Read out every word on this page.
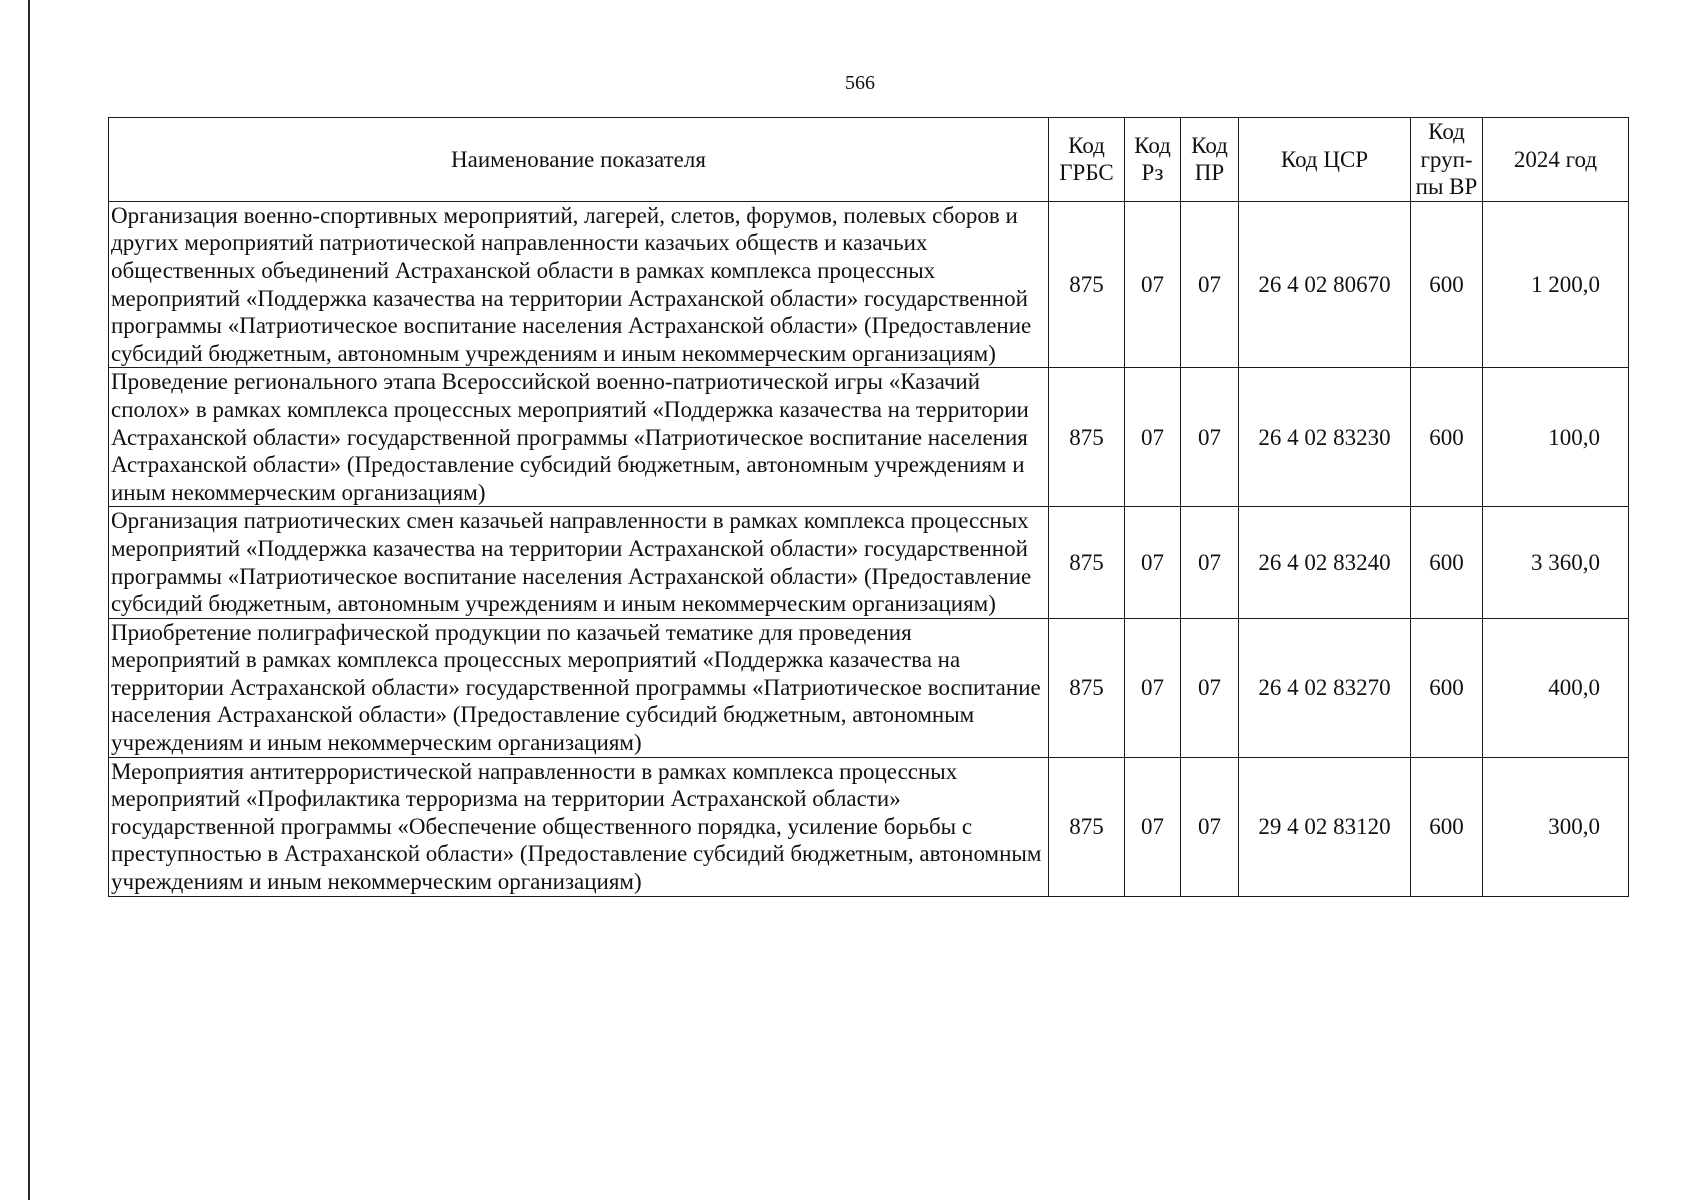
566
Наименование показателя	Код ГРБС	Код Рз	Код ПР	Код ЦСР	Код груп-пы ВР	2024 год
Организация военно-спортивных мероприятий, лагерей, слетов, форумов, полевых сборов и других мероприятий патриотической направленности казачьих обществ и казачьих общественных объединений Астраханской области в рамках комплекса процессных мероприятий «Поддержка казачества на территории Астраханской области» государственной программы «Патриотическое воспитание населения Астраханской области» (Предоставление субсидий бюджетным, автономным учреждениям и иным некоммерческим организациям)	875	07	07	26 4 02 80670	600	1 200,0
Проведение регионального этапа Всероссийской военно-патриотической игры «Казачий сполох» в рамках комплекса процессных мероприятий «Поддержка казачества на территории Астраханской области» государственной программы «Патриотическое воспитание населения Астраханской области» (Предоставление субсидий бюджетным, автономным учреждениям и иным некоммерческим организациям)	875	07	07	26 4 02 83230	600	100,0
Организация патриотических смен казачьей направленности в рамках комплекса процессных мероприятий «Поддержка казачества на территории Астраханской области» государственной программы «Патриотическое воспитание населения Астраханской области» (Предоставление субсидий бюджетным, автономным учреждениям и иным некоммерческим организациям)	875	07	07	26 4 02 83240	600	3 360,0
Приобретение полиграфической продукции по казачьей тематике для проведения мероприятий в рамках комплекса процессных мероприятий «Поддержка казачества на территории Астраханской области» государственной программы «Патриотическое воспитание населения Астраханской области» (Предоставление субсидий бюджетным, автономным учреждениям и иным некоммерческим организациям)	875	07	07	26 4 02 83270	600	400,0
Мероприятия антитеррористической направленности в рамках комплекса процессных мероприятий «Профилактика терроризма на территории Астраханской области» государственной программы «Обеспечение общественного порядка, усиление борьбы с преступностью в Астраханской области» (Предоставление субсидий бюджетным, автономным учреждениям и иным некоммерческим организациям)	875	07	07	29 4 02 83120	600	300,0
